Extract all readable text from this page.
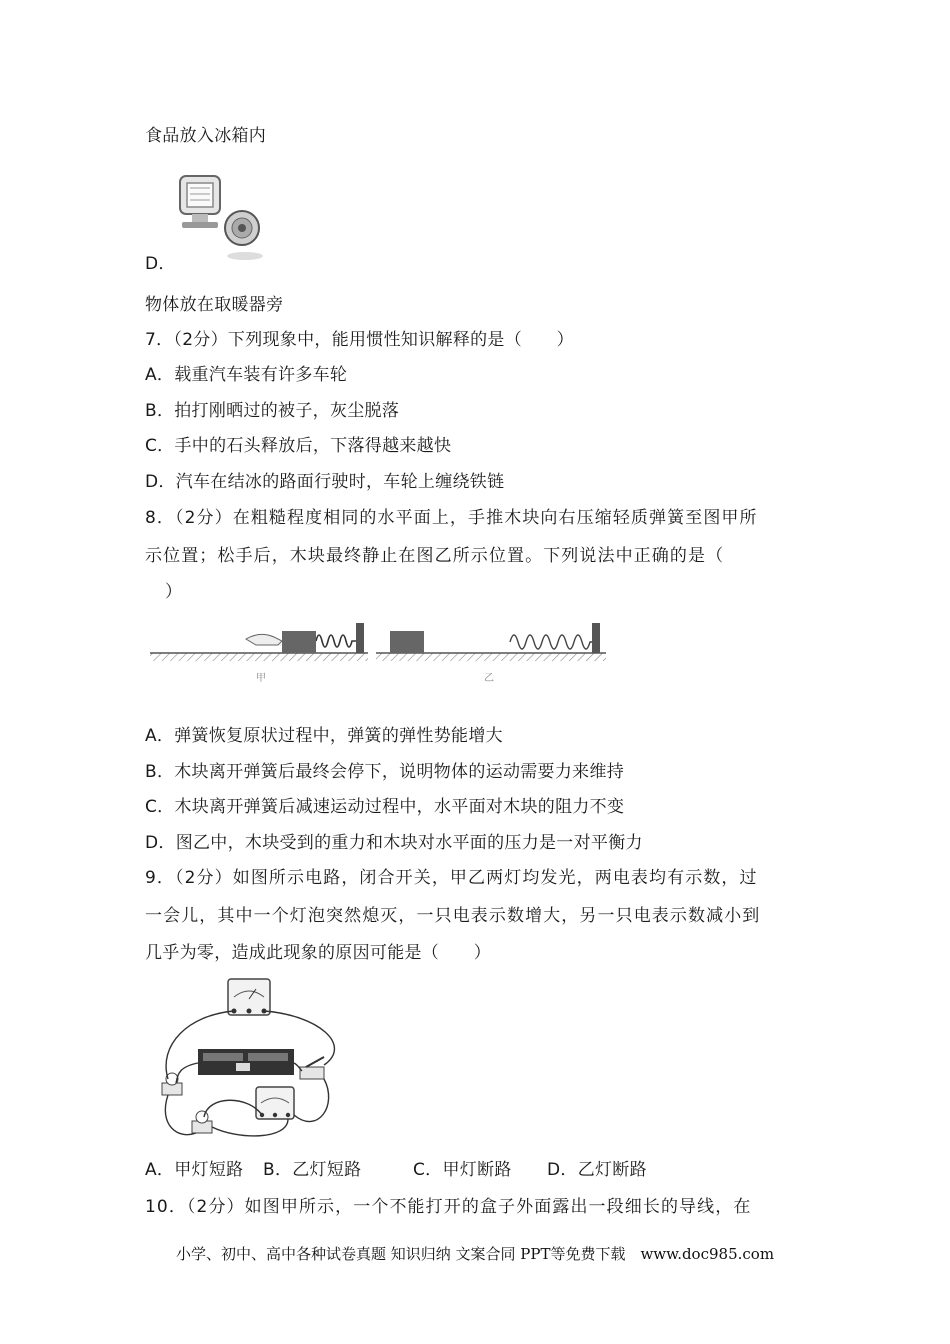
食品放入冰箱内
D．
物体放在取暖器旁
7．（2分）下列现象中，能用惯性知识解释的是（　　）
A．载重汽车装有许多车轮
B．拍打刚晒过的被子，灰尘脱落
C．手中的石头释放后，下落得越来越快
D．汽车在结冰的路面行驶时，车轮上缠绕铁链
8．（2分）在粗糙程度相同的水平面上，手推木块向右压缩轻质弹簧至图甲所
示位置；松手后，木块最终静止在图乙所示位置。下列说法中正确的是（
）
甲	乙
A．弹簧恢复原状过程中，弹簧的弹性势能增大
B．木块离开弹簧后最终会停下，说明物体的运动需要力来维持
C．木块离开弹簧后减速运动过程中，水平面对木块的阻力不变
D．图乙中，木块受到的重力和木块对水平面的压力是一对平衡力
9．（2分）如图所示电路，闭合开关，甲乙两灯均发光，两电表均有示数，过
一会儿，其中一个灯泡突然熄灭，一只电表示数增大，另一只电表示数减小到
几乎为零，造成此现象的原因可能是（　　）
A．甲灯短路 B．乙灯短路	C．甲灯断路 D．乙灯断路
10．（2分）如图甲所示，一个不能打开的盒子外面露出一段细长的导线，在
小学、初中、高中各种试卷真题 知识归纳 文案合同 PPT等免费下载　www.doc985.com
